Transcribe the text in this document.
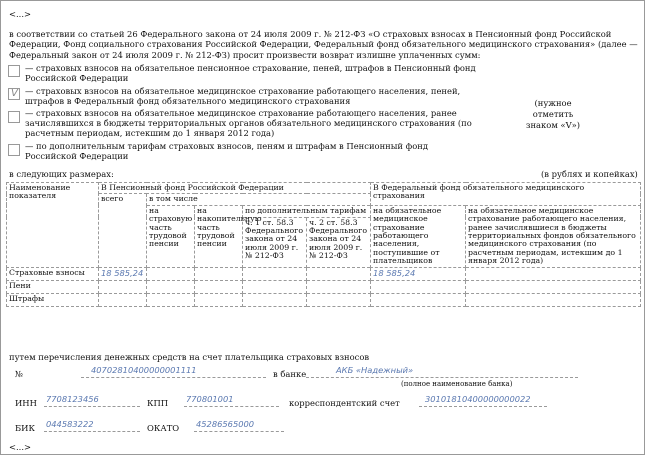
<...>
в соответствии со статьей 26 Федерального закона от 24 июля 2009 г. № 212-ФЗ «О страховых взносах в Пенсионный фонд Российской Федерации, Фонд социального страхования Российской Федерации, Федеральный фонд обязательного медицинского страхования» (далее — Федеральный закон от 24 июля 2009 г. № 212-ФЗ) просит произвести возврат излишне уплаченных сумм:
— страховых взносов на обязательное пенсионное страхование, пеней, штрафов в Пенсионный фонд Российской Федерации
V — страховых взносов на обязательное медицинское страхование работающего населения, пеней, штрафов в Федеральный фонд обязательного медицинского страхования
— страховых взносов на обязательное медицинское страхование работающего населения, ранее зачислявшихся в бюджеты территориальных органов обязательного медицинского страхования (по расчетным периодам, истекшим до 1 января 2012 года)
— по дополнительным тарифам страховых взносов, пеням и штрафам в Пенсионный фонд Российской Федерации
(нужное отметить знаком «V»)
в следующих размерах:	(в рублях и копейках)
Наименование показателя	В Пенсионный фонд Российской Федерации					В Федеральный фонд обязательного медицинского страхования	
	всего	в том числе					
		на страховую часть трудовой пенсии	на накопительную часть трудовой пенсии	по дополнительным тарифам		на обязательное медицинское страхование работающего населения, поступившие от плательщиков	на обязательное медицинское страхование работающего населения, ранее зачислявшиеся в бюджеты территориальных фондов обязательного медицинского страхования (по расчетным периодам, истекшим до 1 января 2012 года)
				ч. 1 ст. 58.3 Федерального закона от 24 июля 2009 г. № 212-ФЗ	ч. 2 ст. 58.3 Федерального закона от 24 июля 2009 г. № 212-ФЗ		
Страховые взносы	18 585,24					18 585,24	
Пени							
Штрафы							
путем перечисления денежных средств на счет плательщика страховых взносов
№	40702810400000001111	в банке	АКБ «Надежный»
(полное наименование банка)
ИНН 7708123456	КПП 770801001	корреспондентский счет	30101810400000000022
БИК 044583222	ОКАТО 45286565000
<...>
